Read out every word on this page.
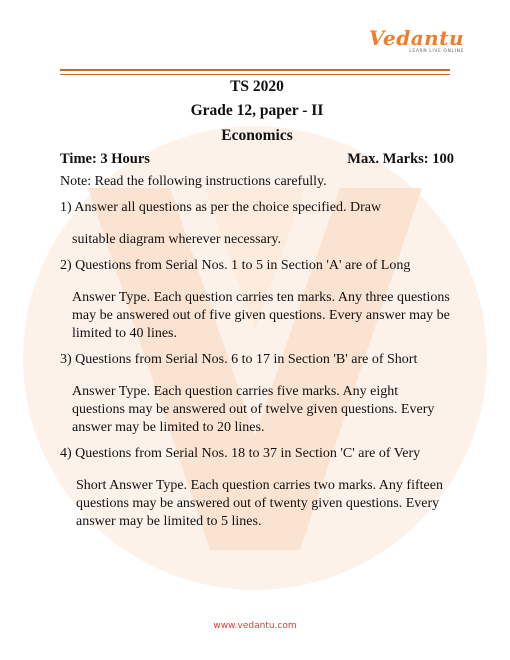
Vedantu
LEARN LIVE ONLINE
TS 2020
Grade 12, paper - II
Economics
Time: 3 Hours	Max. Marks: 100

Note: Read the following instructions carefully.

1) Answer all questions as per the choice specified. Draw

suitable diagram wherever necessary.

2) Questions from Serial Nos. 1 to 5 in Section 'A' are of Long

Answer Type. Each question carries ten marks. Any three questions may be answered out of five given questions. Every answer may be limited to 40 lines.

3) Questions from Serial Nos. 6 to 17 in Section 'B' are of Short

Answer Type. Each question carries five marks. Any eight questions may be answered out of twelve given questions. Every answer may be limited to 20 lines.

4) Questions from Serial Nos. 18 to 37 in Section 'C' are of Very

Short Answer Type. Each question carries two marks. Any fifteen questions may be answered out of twenty given questions. Every answer may be limited to 5 lines.

www.vedantu.com
